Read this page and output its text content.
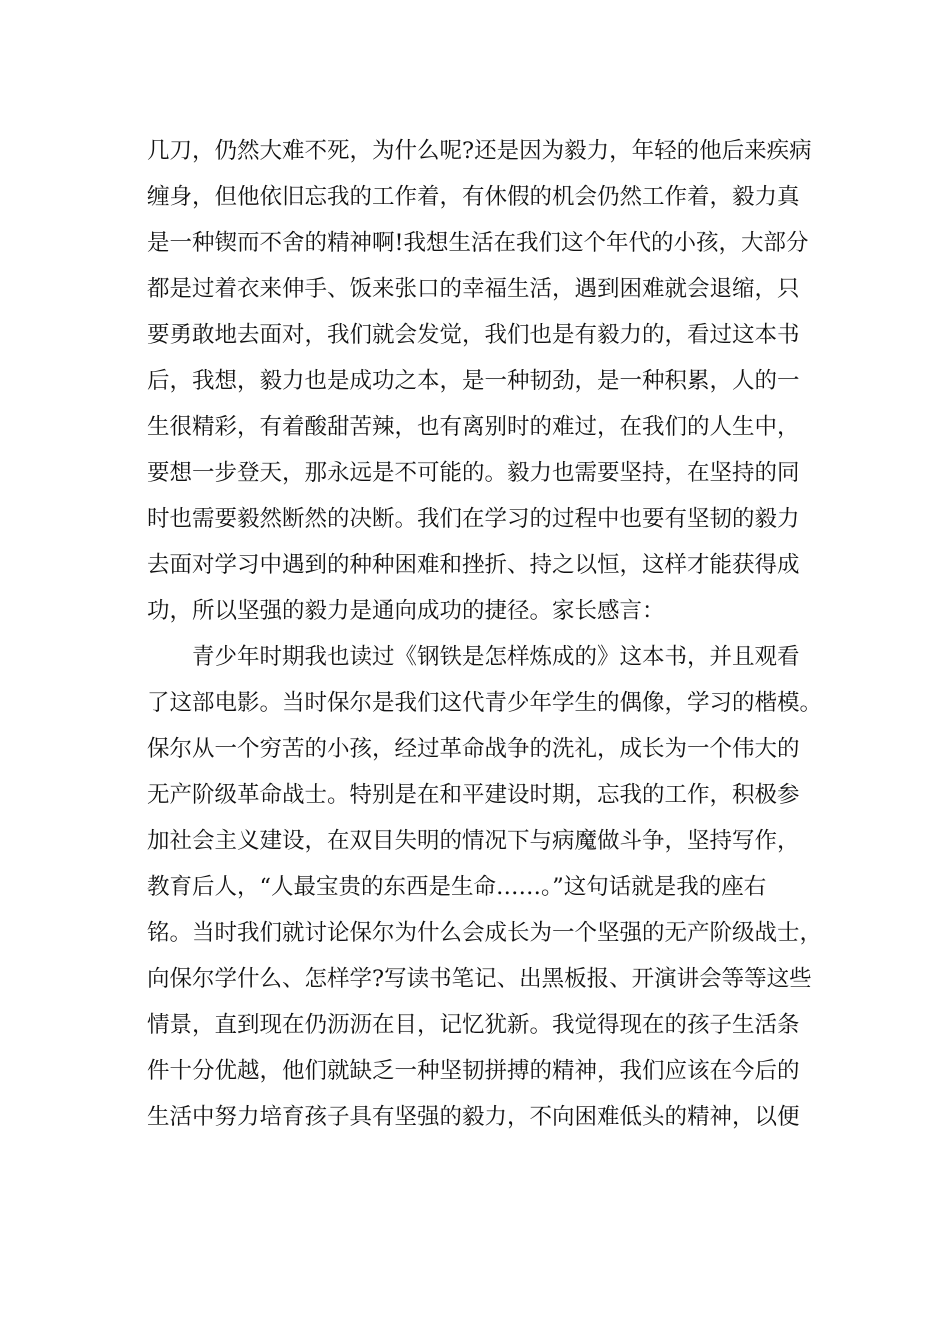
几刀，仍然大难不死，为什么呢?还是因为毅力，年轻的他后来疾病
缠身，但他依旧忘我的工作着，有休假的机会仍然工作着，毅力真
是一种锲而不舍的精神啊!我想生活在我们这个年代的小孩，大部分
都是过着衣来伸手、饭来张口的幸福生活，遇到困难就会退缩，只
要勇敢地去面对，我们就会发觉，我们也是有毅力的，看过这本书
后，我想，毅力也是成功之本，是一种韧劲，是一种积累，人的一
生很精彩，有着酸甜苦辣，也有离别时的难过，在我们的人生中，
要想一步登天，那永远是不可能的。毅力也需要坚持，在坚持的同
时也需要毅然断然的决断。我们在学习的过程中也要有坚韧的毅力
去面对学习中遇到的种种困难和挫折、持之以恒，这样才能获得成
功，所以坚强的毅力是通向成功的捷径。家长感言：
青少年时期我也读过《钢铁是怎样炼成的》这本书，并且观看
了这部电影。当时保尔是我们这代青少年学生的偶像，学习的楷模。
保尔从一个穷苦的小孩，经过革命战争的洗礼，成长为一个伟大的
无产阶级革命战士。特别是在和平建设时期，忘我的工作，积极参
加社会主义建设，在双目失明的情况下与病魔做斗争，坚持写作，
教育后人，“人最宝贵的东西是生命……。”这句话就是我的座右
铭。当时我们就讨论保尔为什么会成长为一个坚强的无产阶级战士，
向保尔学什么、怎样学?写读书笔记、出黑板报、开演讲会等等这些
情景，直到现在仍沥沥在目，记忆犹新。我觉得现在的孩子生活条
件十分优越，他们就缺乏一种坚韧拼搏的精神，我们应该在今后的
生活中努力培育孩子具有坚强的毅力，不向困难低头的精神，以便
